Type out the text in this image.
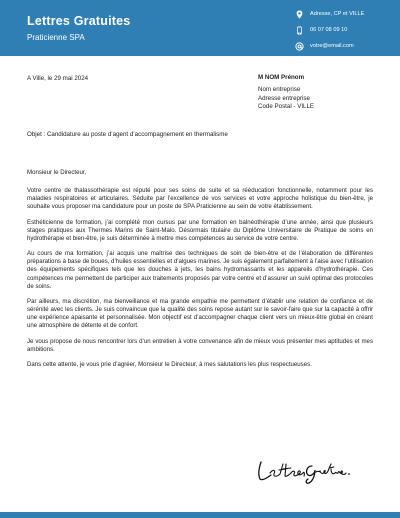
Lettres Gratuites
Praticienne SPA
Adresse, CP et VILLE
06 07 08 09 10
votre@email.com
A Ville, le 29 mai 2024	M NOM Prénom
Nom entreprise
Adresse entreprise
Code Postal - VILLE
Objet : Candidature au poste d’agent d’accompagnement en thermalisme

Monsieur le Directeur,

Votre centre de thalassothérapie est réputé pour ses soins de suite et sa rééducation fonctionnelle, notamment pour les maladies respiratoires et articulaires. Séduite par l’excellence de vos services et votre approche holistique du bien-être, je souhaite vous proposer ma candidature pour un poste de SPA Praticienne au sein de votre établissement.

Esthéticienne de formation, j’ai complété mon cursus par une formation en balnéothérapie d’une année, ainsi que plusieurs stages pratiques aux Thermes Marins de Saint-Malo. Désormais titulaire du Diplôme Universitaire de Pratique de soins en hydrothérapie et bien-être, je suis déterminée à mettre mes compétences au service de votre centre.

Au cours de ma formation, j’ai acquis une maîtrise des techniques de soin de bien-être et de l’élaboration de différentes préparations à base de boues, d’huiles essentielles et d’algues marines. Je suis également parfaitement à l’aise avec l’utilisation des équipements spécifiques tels que les douches à jets, les bains hydromassants et les appareils d’hydrothérapie. Ces compétences me permettent de participer aux traitements proposés par votre centre et d’assurer un suivi optimal des protocoles de soins.

Par ailleurs, ma discrétion, ma bienveillance et ma grande empathie me permettent d’établir une relation de confiance et de sérénité avec les clients. Je suis convaincue que la qualité des soins repose autant sur le savoir-faire que sur la capacité à offrir une expérience apaisante et personnalisée. Mon objectif est d’accompagner chaque client vers un mieux-être global en créant une atmosphère de détente et de confort.

Je vous propose de nous rencontrer lors d’un entretien à votre convenance afin de mieux vous présenter mes aptitudes et mes ambitions.

Dans cette attente, je vous prie d’agréer, Monsieur le Directeur, à mes salutations les plus respectueuses.
